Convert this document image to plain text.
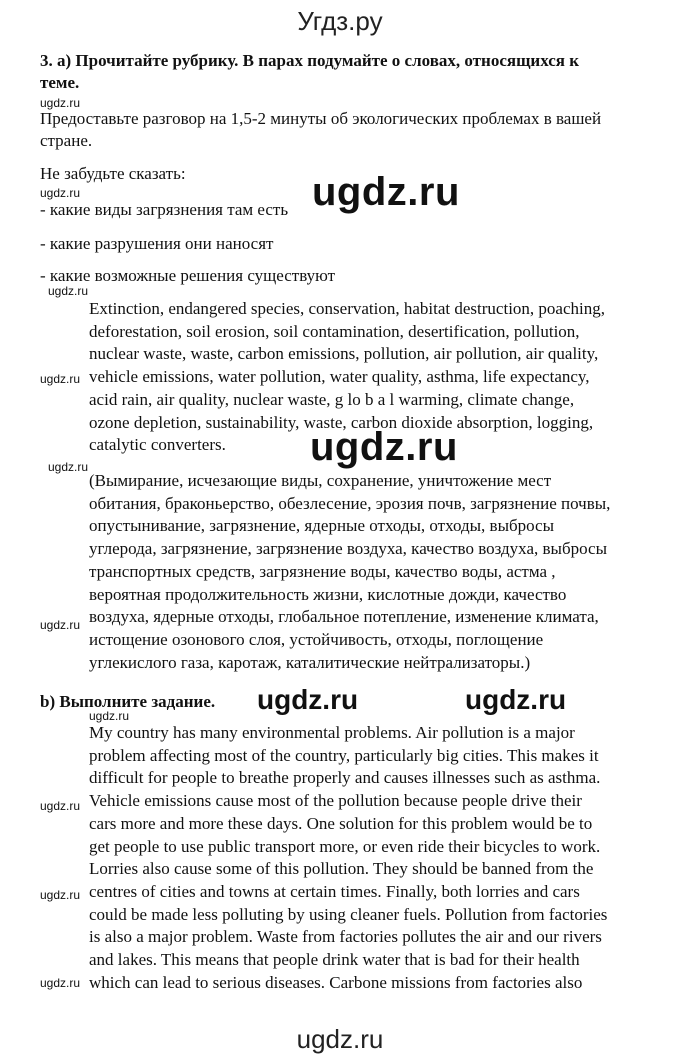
Угдз.ру
3. a) Прочитайте рубрику. В парах подумайте о словах, относящихся к
теме.
ugdz.ru
Предоставьте разговор на 1,5-2 минуты об экологических проблемах в вашей
стране.
Не забудьте сказать:
ugdz.ru
- какие виды загрязнения там есть ugdz.ru
- какие разрушения они наносят
- какие возможные решения существуют
ugdz.ru
Extinction, endangered species, conservation, habitat destruction, poaching,
deforestation, soil erosion, soil contamination, desertification, pollution,
nuclear waste, waste, carbon emissions, pollution, air pollution, air quality,
vehicle emissions, water pollution, water quality, asthma, life expectancy,
acid rain, air quality, nuclear waste, g lo b a l warming, climate change,
ozone depletion, sustainability, waste, carbon dioxide absorption, logging,
catalytic converters.
ugdz.ru
ugdz.ru
ugdz.ru
(Вымирание, исчезающие виды, сохранение, уничтожение мест
обитания, браконьерство, обезлесение, эрозия почв, загрязнение почвы,
опустынивание, загрязнение, ядерные отходы, отходы, выбросы
углерода, загрязнение, загрязнение воздуха, качество воздуха, выбросы
транспортных средств, загрязнение воды, качество воды, астма ,
вероятная продолжительность жизни, кислотные дожди, качество
воздуха, ядерные отходы, глобальное потепление, изменение климата,
истощение озонового слоя, устойчивость, отходы, поглощение
углекислого газа, каротаж, каталитические нейтрализаторы.)
ugdz.ru
b) Выполните задание. ugdz.ru	ugdz.ru
ugdz.ru
My country has many environmental problems. Air pollution is a major
problem affecting most of the country, particularly big cities. This makes it
difficult for people to breathe properly and causes illnesses such as asthma.
Vehicle emissions cause most of the pollution because people drive their
cars more and more these days. One solution for this problem would be to
get people to use public transport more, or even ride their bicycles to work.
Lorries also cause some of this pollution. They should be banned from the
centres of cities and towns at certain times. Finally, both lorries and cars
could be made less polluting by using cleaner fuels. Pollution from factories
is also a major problem. Waste from factories pollutes the air and our rivers
and lakes. This means that people drink water that is bad for their health
which can lead to serious diseases. Carbone missions from factories also
ugdz.ru
ugdz.ru
ugdz.ru
ugdz.ru
